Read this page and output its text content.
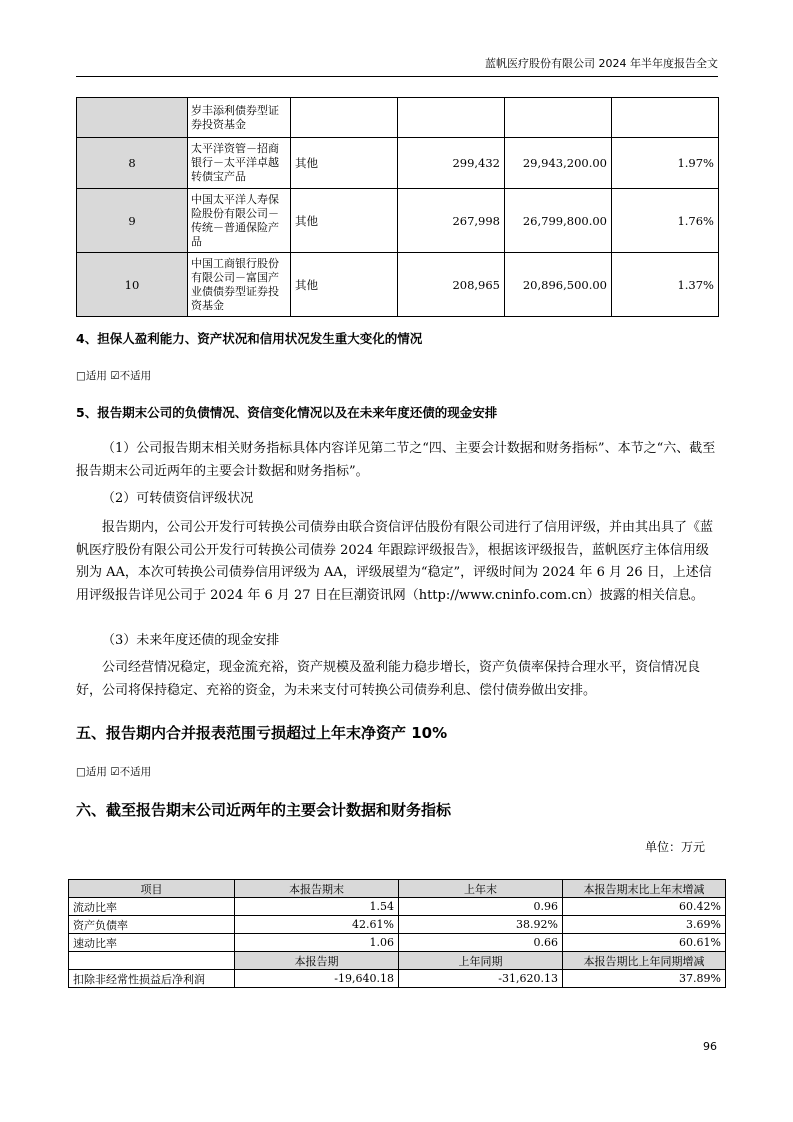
蓝帆医疗股份有限公司 2024 年半年度报告全文
	岁丰添利债券型证券投资基金				
8	太平洋资管－招商银行－太平洋卓越转债宝产品	其他	299,432	29,943,200.00	1.97%
9	中国太平洋人寿保险股份有限公司－传统－普通保险产品	其他	267,998	26,799,800.00	1.76%
10	中国工商银行股份有限公司－富国产业债债券型证券投资基金	其他	208,965	20,896,500.00	1.37%
4、担保人盈利能力、资产状况和信用状况发生重大变化的情况
□适用 ☑不适用
5、报告期末公司的负债情况、资信变化情况以及在未来年度还债的现金安排
（1）公司报告期末相关财务指标具体内容详见第二节之“四、主要会计数据和财务指标”、本节之“六、截至报告期末公司近两年的主要会计数据和财务指标”。
（2）可转债资信评级状况
报告期内，公司公开发行可转换公司债券由联合资信评估股份有限公司进行了信用评级，并由其出具了《蓝帆医疗股份有限公司公开发行可转换公司债券 2024 年跟踪评级报告》，根据该评级报告，蓝帆医疗主体信用级别为 AA，本次可转换公司债券信用评级为 AA，评级展望为“稳定”，评级时间为 2024 年 6 月 26 日，上述信用评级报告详见公司于 2024 年 6 月 27 日在巨潮资讯网（http://www.cninfo.com.cn）披露的相关信息。
（3）未来年度还债的现金安排
公司经营情况稳定，现金流充裕，资产规模及盈利能力稳步增长，资产负债率保持合理水平，资信情况良好，公司将保持稳定、充裕的资金，为未来支付可转换公司债券利息、偿付债券做出安排。
五、报告期内合并报表范围亏损超过上年末净资产 10%
□适用 ☑不适用
六、截至报告期末公司近两年的主要会计数据和财务指标
单位：万元
项目	本报告期末	上年末	本报告期末比上年末增减
流动比率	1.54	0.96	60.42%
资产负债率	42.61%	38.92%	3.69%
速动比率	1.06	0.66	60.61%
	本报告期	上年同期	本报告期比上年同期增减
扣除非经常性损益后净利润	-19,640.18	-31,620.13	37.89%
96
